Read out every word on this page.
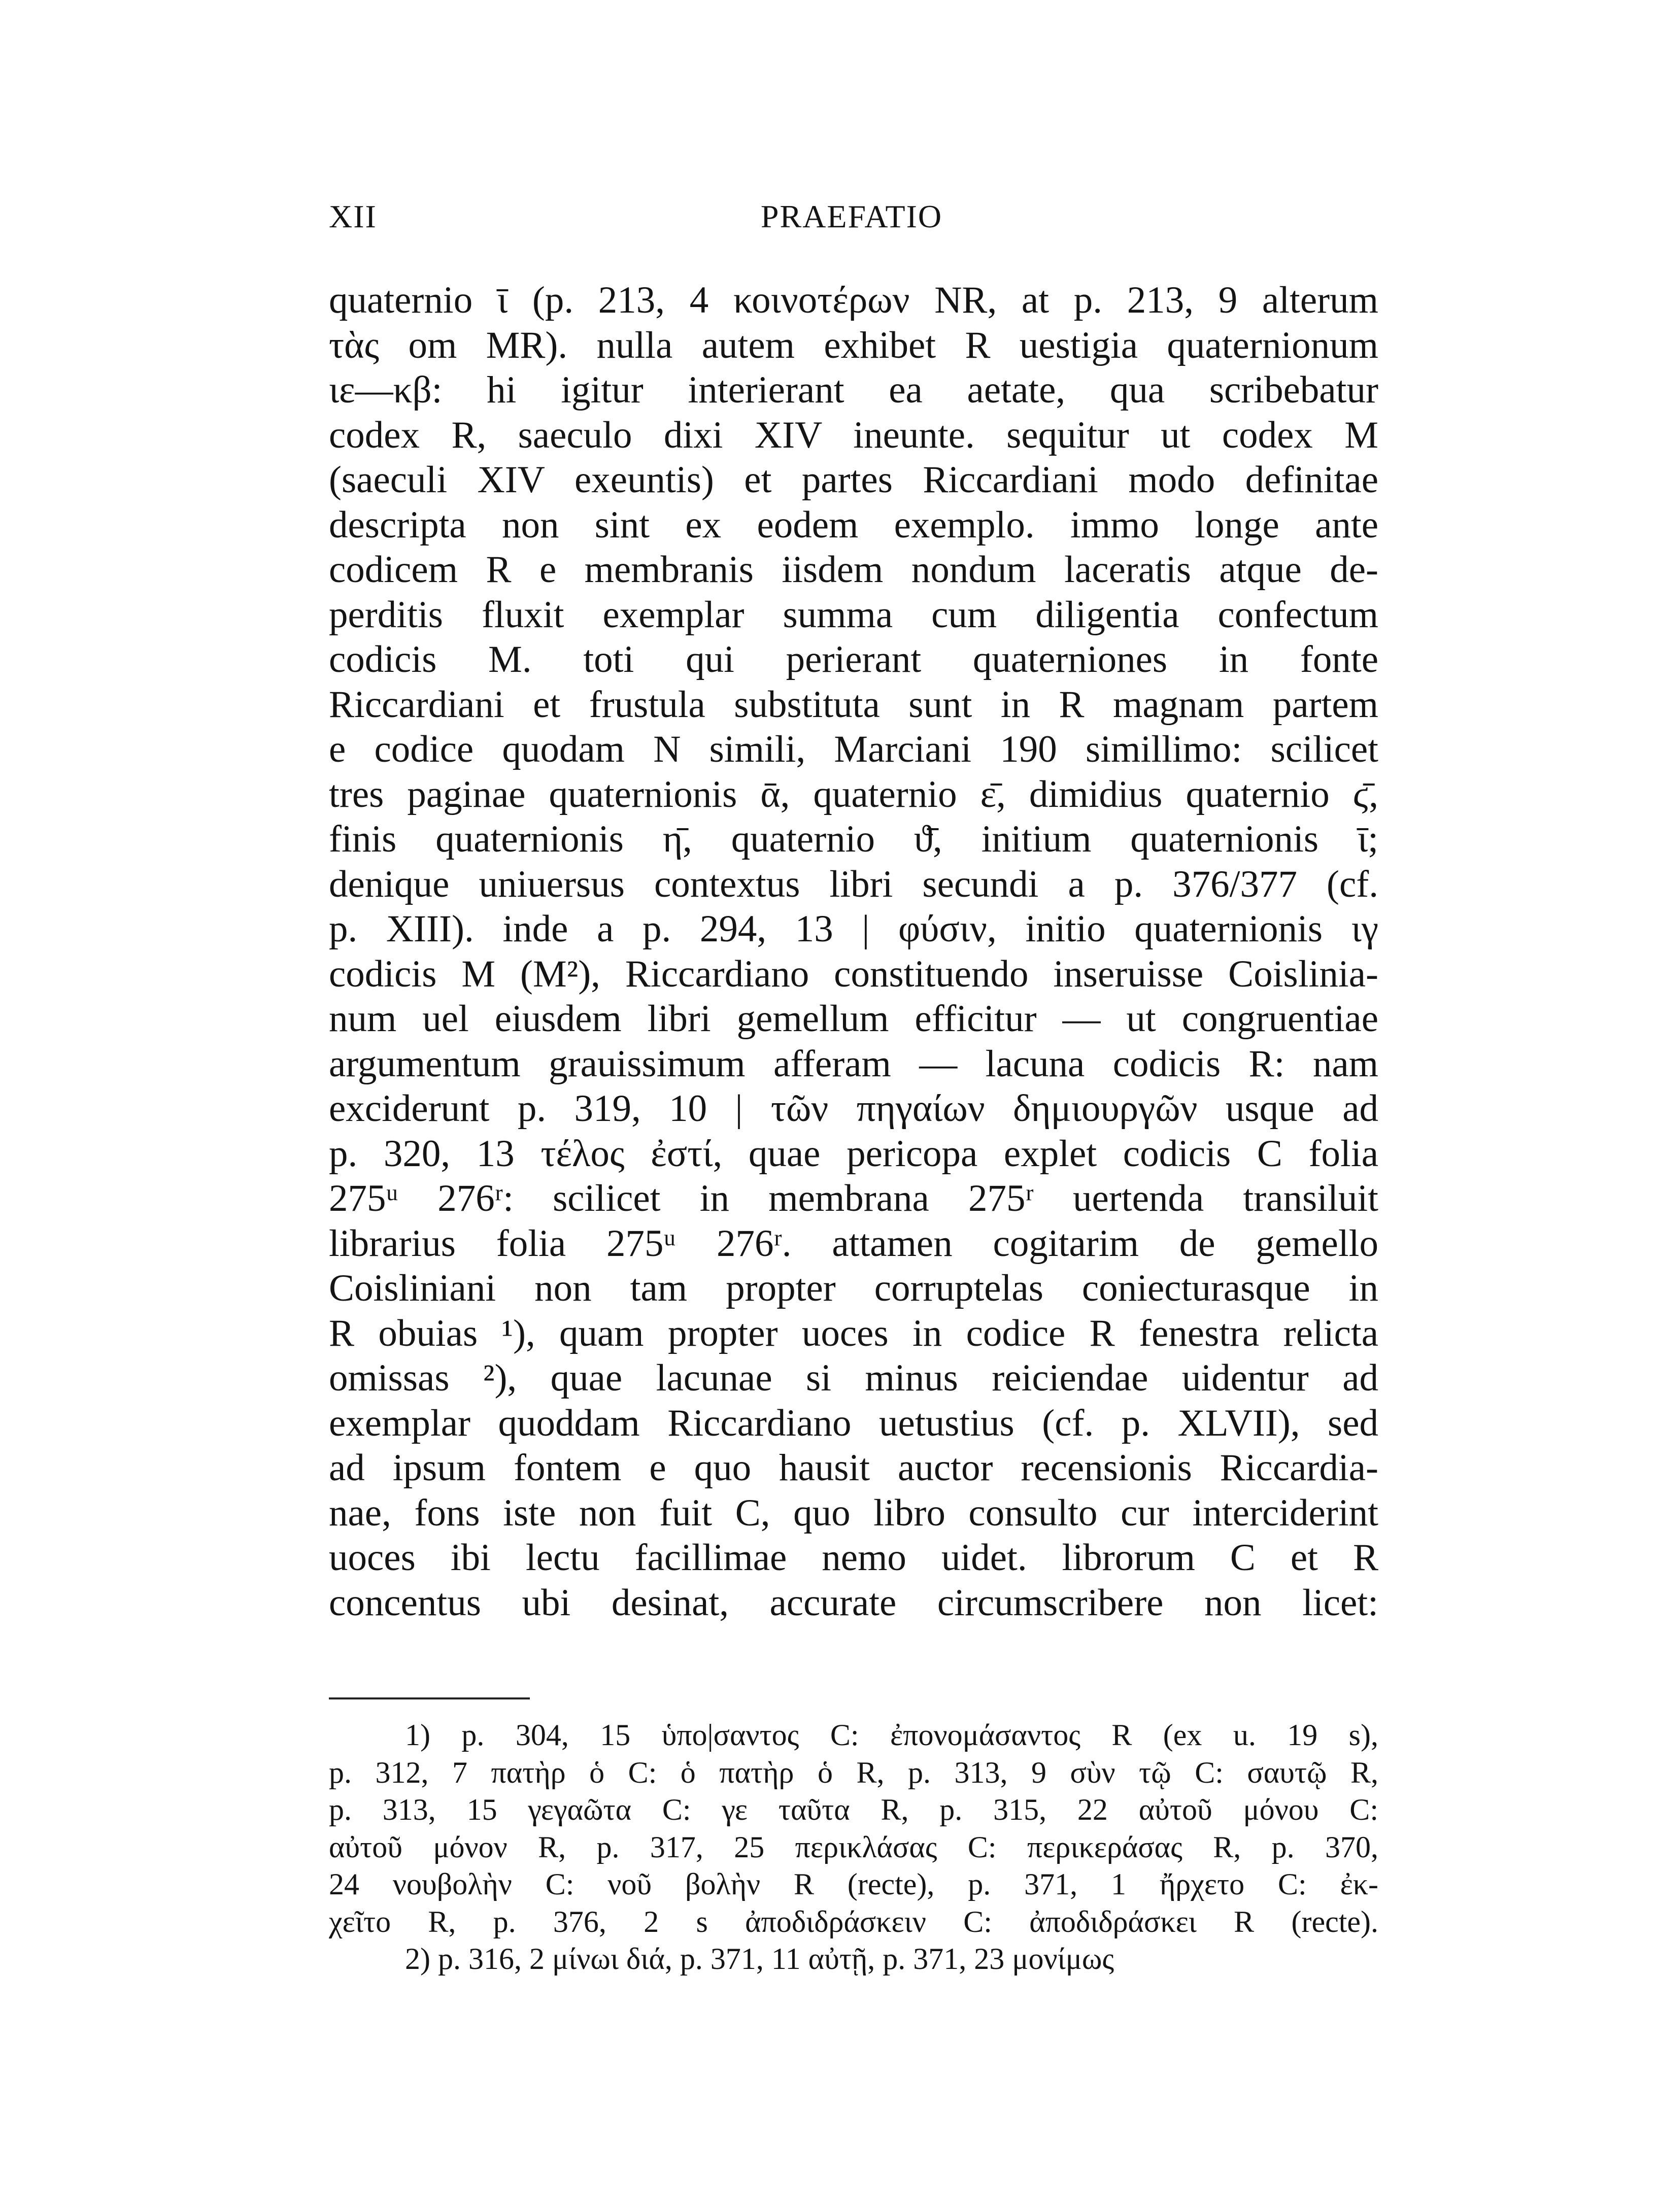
XII	PRAEFATIO
quaternio ῑ (p. 213, 4 κοινοτέρων NR, at p. 213, 9 alterum
τὰς om MR). nulla autem exhibet R uestigia quaternionum
ιε—κβ: hi igitur interierant ea aetate, qua scribebatur
codex R, saeculo dixi XIV ineunte. sequitur ut codex M
(saeculi XIV exeuntis) et partes Riccardiani modo definitae
descripta non sint ex eodem exemplo. immo longe ante
codicem R e membranis iisdem nondum laceratis atque de-
perditis fluxit exemplar summa cum diligentia confectum
codicis M. toti qui perierant quaterniones in fonte
Riccardiani et frustula substituta sunt in R magnam partem
e codice quodam N simili, Marciani 190 simillimo: scilicet
tres paginae quaternionis ᾱ, quaternio ε̄, dimidius quaternio ϛ̄,
finis quaternionis η̄, quaternio ϑ̄, initium quaternionis ῑ;
denique uniuersus contextus libri secundi a p. 376/377 (cf.
p. XIII). inde a p. 294, 13 | φύσιν, initio quaternionis ιγ
codicis M (M²), Riccardiano constituendo inseruisse Coislinia-
num uel eiusdem libri gemellum efficitur — ut congruentiae
argumentum grauissimum afferam — lacuna codicis R: nam
exciderunt p. 319, 10 | τῶν πηγαίων δημιουργῶν usque ad
p. 320, 13 τέλος ἐστί, quae pericopa explet codicis C folia
275ᵘ 276ʳ: scilicet in membrana 275ʳ uertenda transiluit
librarius folia 275ᵘ 276ʳ. attamen cogitarim de gemello
Coisliniani non tam propter corruptelas coniecturasque in
R obuias ¹), quam propter uoces in codice R fenestra relicta
omissas ²), quae lacunae si minus reiciendae uidentur ad
exemplar quoddam Riccardiano uetustius (cf. p. XLVII), sed
ad ipsum fontem e quo hausit auctor recensionis Riccardia-
nae, fons iste non fuit C, quo libro consulto cur interciderint
uoces ibi lectu facillimae nemo uidet. librorum C et R
concentus ubi desinat, accurate circumscribere non licet:
1) p. 304, 15 ὑπο|σαντος C: ἐπονομάσαντος R (ex u. 19 s),
p. 312, 7 πατὴρ ὁ C: ὁ πατὴρ ὁ R, p. 313, 9 σὺν τῷ C: σαυτῷ R,
p. 313, 15 γεγαῶτα C: γε ταῦτα R, p. 315, 22 αὐτοῦ μόνου C:
αὐτοῦ μόνον R, p. 317, 25 περικλάσας C: περικεράσας R, p. 370,
24 νουβολὴν C: νοῦ βολὴν R (recte), p. 371, 1 ἤρχετο C: ἐκ-
χεῖτο R, p. 376, 2 s ἀποδιδράσκειν C: ἀποδιδράσκει R (recte).
2) p. 316, 2 μίνωι διά, p. 371, 11 αὐτῇ, p. 371, 23 μονίμως
